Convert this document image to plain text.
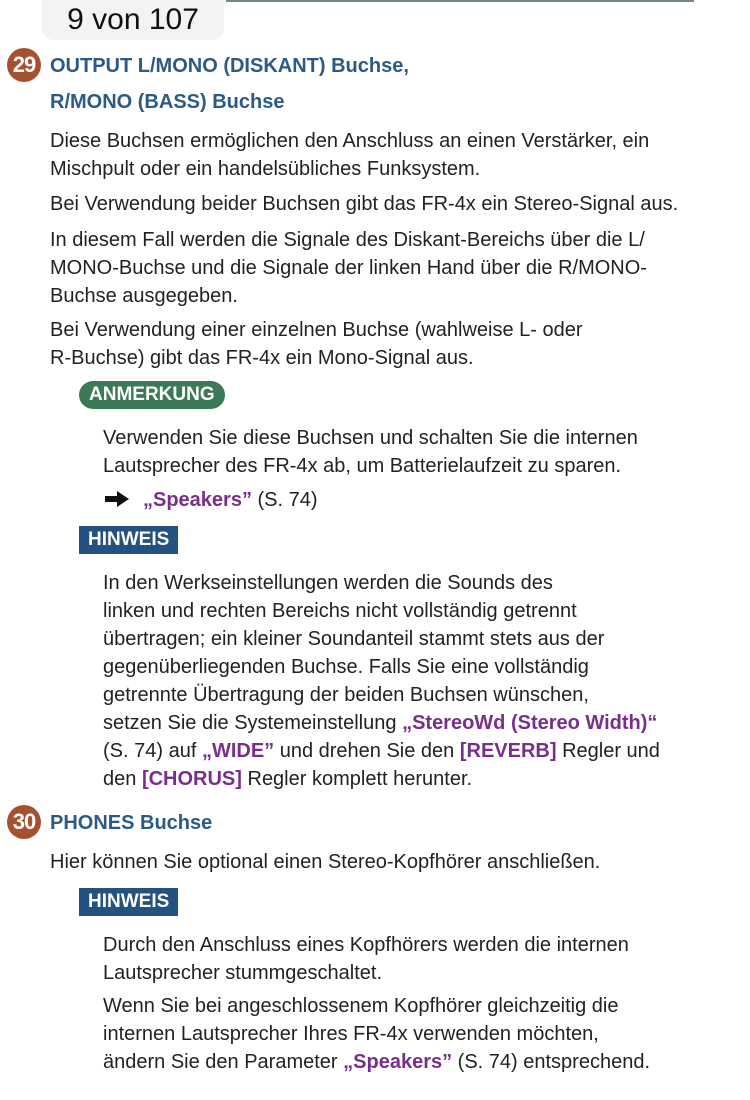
9 von 107
29 OUTPUT L/MONO (DISKANT) Buchse,
R/MONO (BASS) Buchse

Diese Buchsen ermöglichen den Anschluss an einen Verstärker, ein

Mischpult oder ein handelsübliches Funksystem.

Bei Verwendung beider Buchsen gibt das FR-4x ein Stereo-Signal aus.

In diesem Fall werden die Signale des Diskant-Bereichs über die L/

MONO-Buchse und die Signale der linken Hand über die R/MONO-

Buchse ausgegeben.

Bei Verwendung einer einzelnen Buchse (wahlweise L- oder

R-Buchse) gibt das FR-4x ein Mono-Signal aus.

ANMERKUNG

Verwenden Sie diese Buchsen und schalten Sie die internen

Lautsprecher des FR-4x ab, um Batterielaufzeit zu sparen.

„Speakers” (S. 74)
HINWEIS

In den Werkseinstellungen werden die Sounds des

linken und rechten Bereichs nicht vollständig getrennt

übertragen; ein kleiner Soundanteil stammt stets aus der

gegenüberliegenden Buchse. Falls Sie eine vollständig

getrennte Übertragung der beiden Buchsen wünschen,

setzen Sie die Systemeinstellung „StereoWd (Stereo Width)“

(S. 74) auf „WIDE” und drehen Sie den [REVERB] Regler und

den [CHORUS] Regler komplett herunter.

30 PHONES Buchse

Hier können Sie optional einen Stereo-Kopfhörer anschließen.

HINWEIS

Durch den Anschluss eines Kopfhörers werden die internen

Lautsprecher stummgeschaltet.

Wenn Sie bei angeschlossenem Kopfhörer gleichzeitig die

internen Lautsprecher Ihres FR-4x verwenden möchten,

ändern Sie den Parameter „Speakers” (S. 74) entsprechend.
